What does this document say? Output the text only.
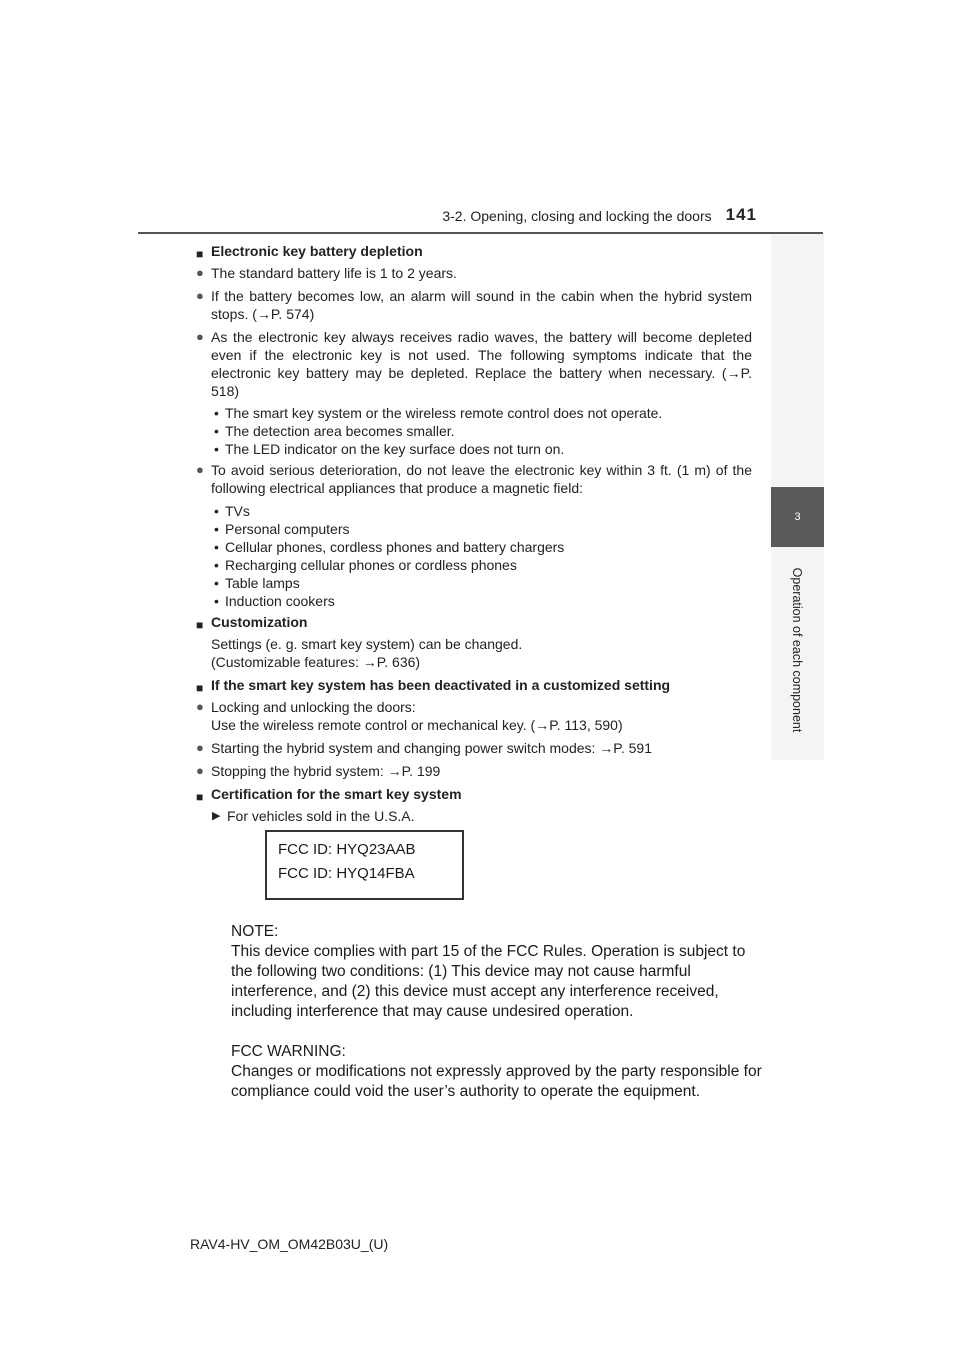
3-2. Opening, closing and locking the doors 141
3
Operation of each component
■ Electronic key battery depletion
● The standard battery life is 1 to 2 years.
● If the battery becomes low, an alarm will sound in the cabin when the hybrid system stops. (→P. 574)
● As the electronic key always receives radio waves, the battery will become depleted even if the electronic key is not used. The following symptoms indicate that the electronic key battery may be depleted. Replace the battery when necessary. (→P. 518)
• The smart key system or the wireless remote control does not operate.
• The detection area becomes smaller.
• The LED indicator on the key surface does not turn on.
● To avoid serious deterioration, do not leave the electronic key within 3 ft. (1 m) of the following electrical appliances that produce a magnetic field:
• TVs
• Personal computers
• Cellular phones, cordless phones and battery chargers
• Recharging cellular phones or cordless phones
• Table lamps
• Induction cookers
■ Customization
Settings (e. g. smart key system) can be changed.
(Customizable features: →P. 636)
■ If the smart key system has been deactivated in a customized setting
● Locking and unlocking the doors:
Use the wireless remote control or mechanical key. (→P. 113, 590)
● Starting the hybrid system and changing power switch modes: →P. 591
● Stopping the hybrid system: →P. 199
■ Certification for the smart key system
▶ For vehicles sold in the U.S.A.
FCC ID: HYQ23AAB
FCC ID: HYQ14FBA

NOTE:
This device complies with part 15 of the FCC Rules. Operation is subject to the following two conditions: (1) This device may not cause harmful interference, and (2) this device must accept any interference received, including interference that may cause undesired operation.

FCC WARNING:
Changes or modifications not expressly approved by the party responsible for compliance could void the user’s authority to operate the equipment.

RAV4-HV_OM_OM42B03U_(U)
